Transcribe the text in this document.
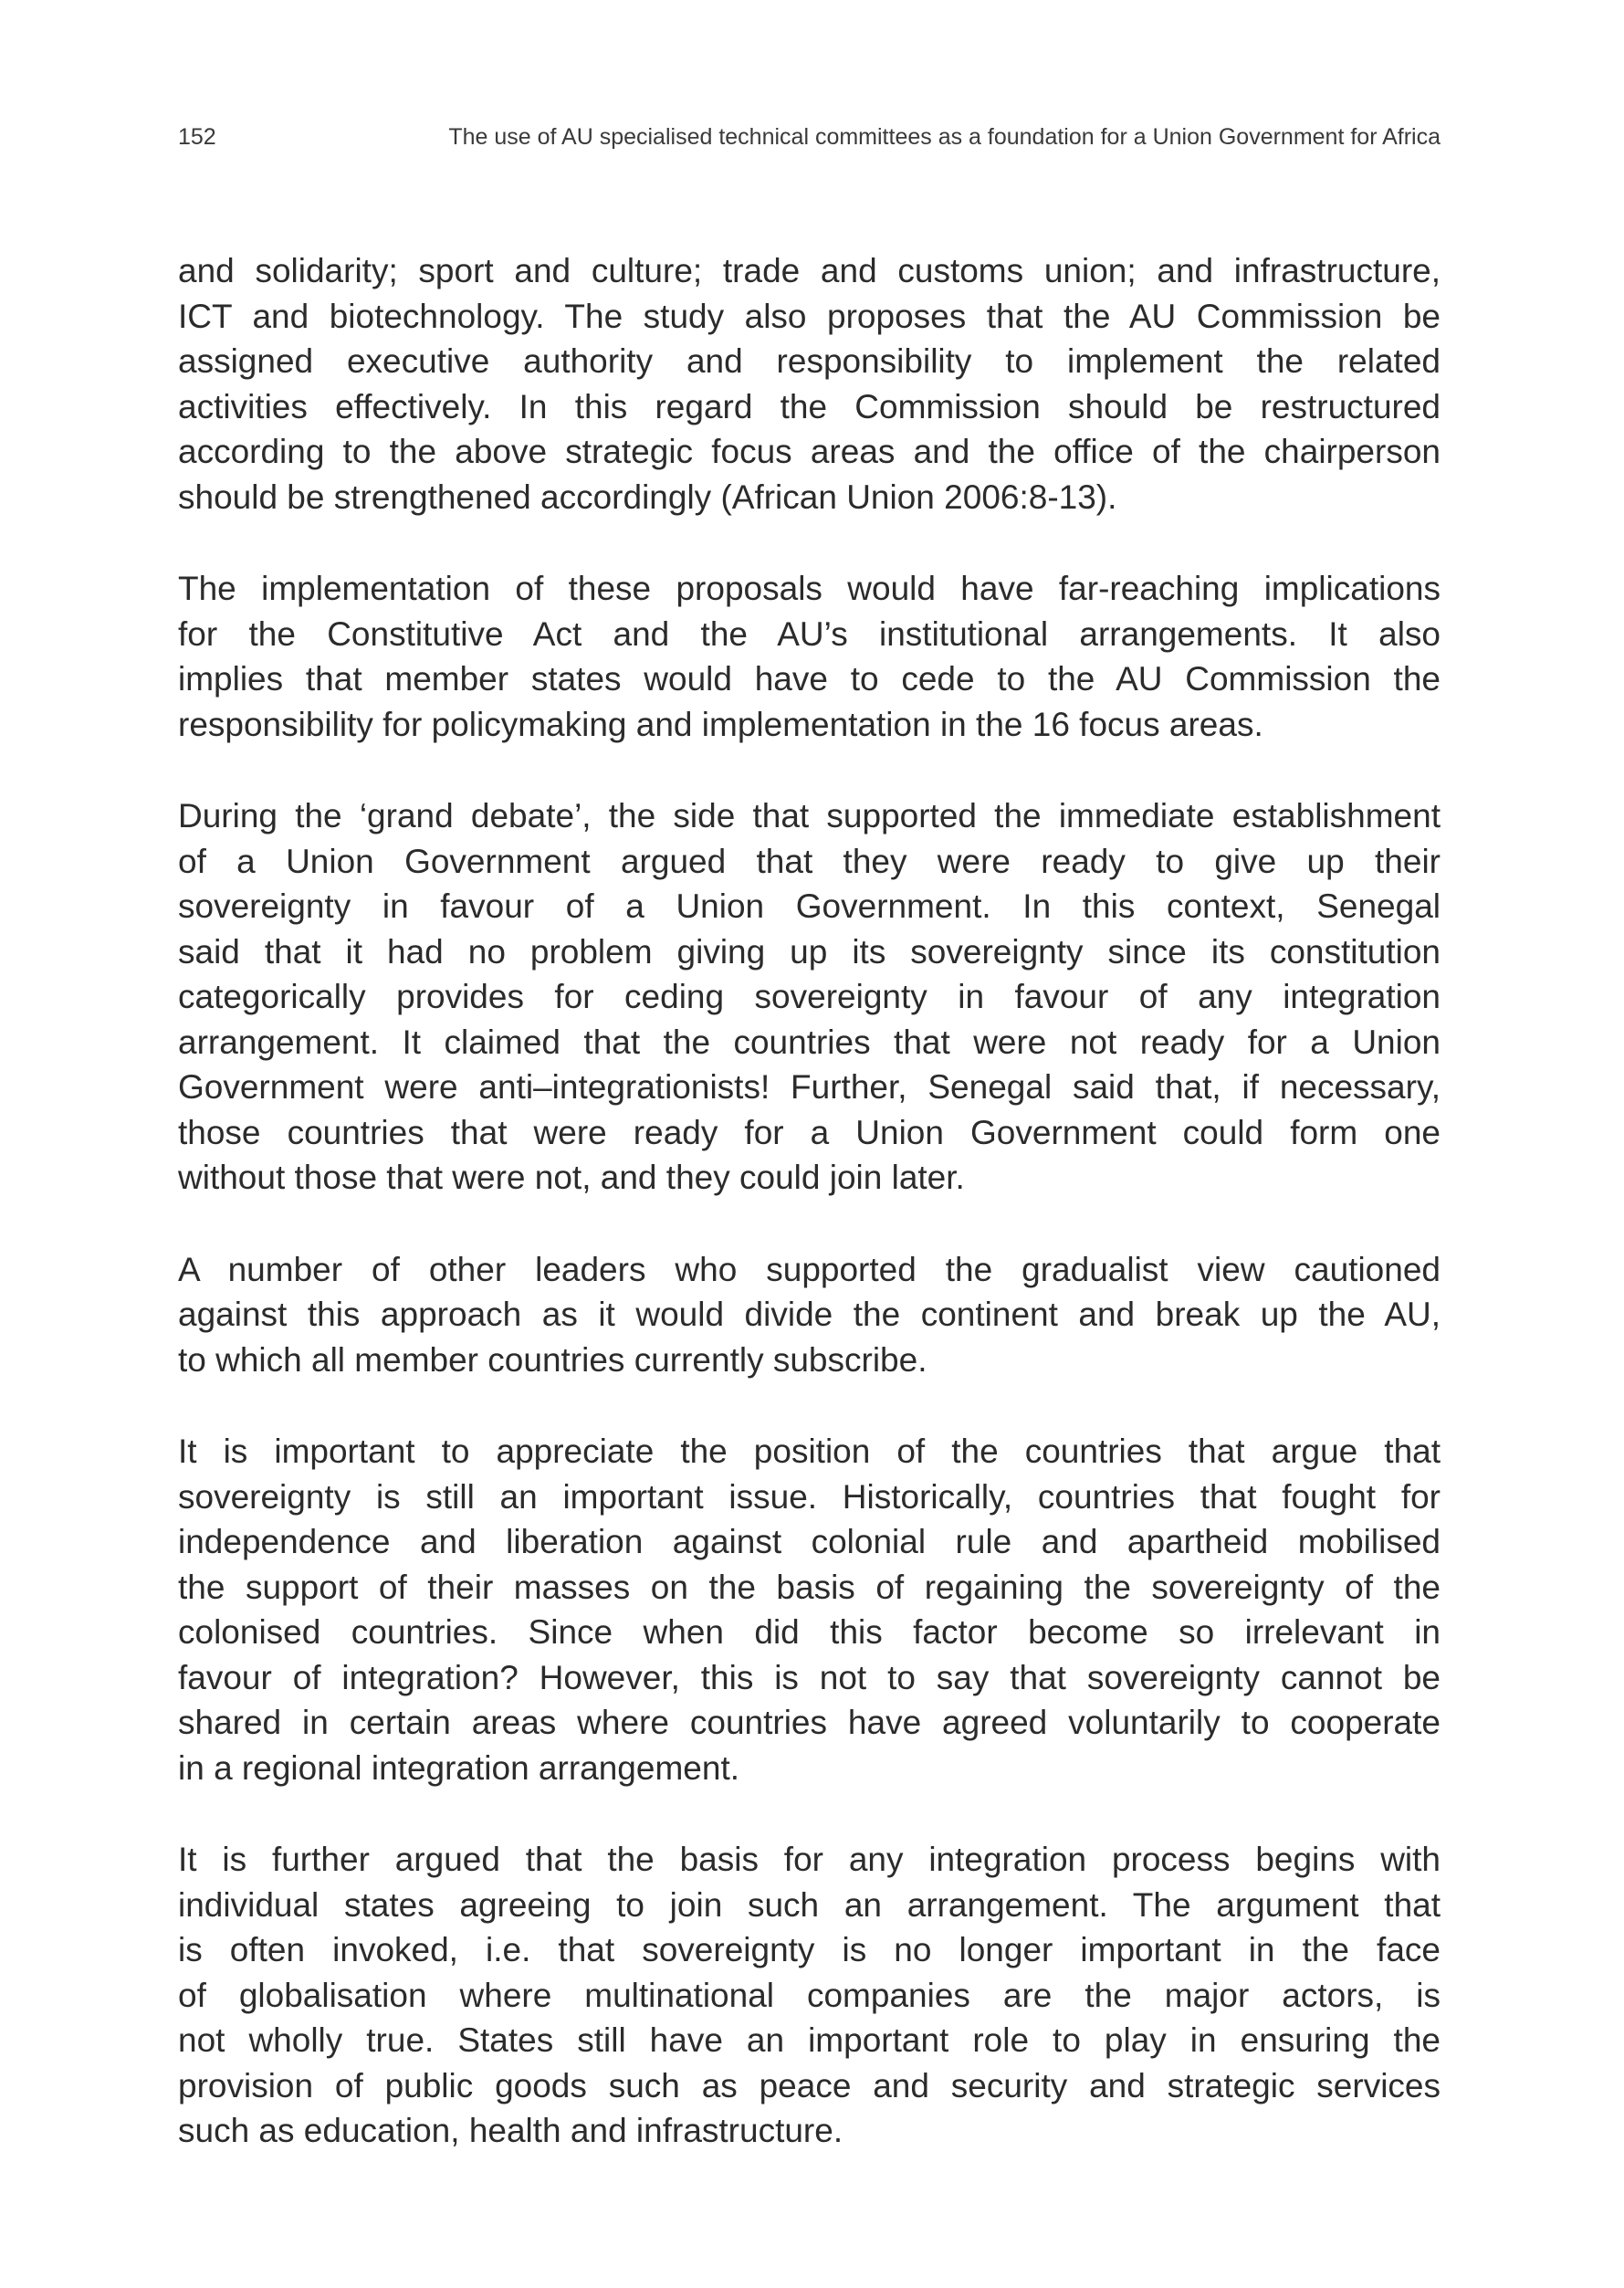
152	The use of AU specialised technical committees as a foundation for a Union Government for Africa
and solidarity; sport and culture; trade and customs union; and infrastructure,
ICT and biotechnology. The study also proposes that the AU Commission be
assigned executive authority and responsibility to implement the related
activities effectively. In this regard the Commission should be restructured
according to the above strategic focus areas and the office of the chairperson
should be strengthened accordingly (African Union 2006:8-13).
The implementation of these proposals would have far-reaching implications
for the Constitutive Act and the AU’s institutional arrangements. It also
implies that member states would have to cede to the AU Commission the
responsibility for policymaking and implementation in the 16 focus areas.
During the ‘grand debate’, the side that supported the immediate establishment
of a Union Government argued that they were ready to give up their
sovereignty in favour of a Union Government. In this context, Senegal
said that it had no problem giving up its sovereignty since its constitution
categorically provides for ceding sovereignty in favour of any integration
arrangement. It claimed that the countries that were not ready for a Union
Government were anti–integrationists! Further, Senegal said that, if necessary,
those countries that were ready for a Union Government could form one
without those that were not, and they could join later.
A number of other leaders who supported the gradualist view cautioned
against this approach as it would divide the continent and break up the AU,
to which all member countries currently subscribe.
It is important to appreciate the position of the countries that argue that
sovereignty is still an important issue. Historically, countries that fought for
independence and liberation against colonial rule and apartheid mobilised
the support of their masses on the basis of regaining the sovereignty of the
colonised countries. Since when did this factor become so irrelevant in
favour of integration? However, this is not to say that sovereignty cannot be
shared in certain areas where countries have agreed voluntarily to cooperate
in a regional integration arrangement.
It is further argued that the basis for any integration process begins with
individual states agreeing to join such an arrangement. The argument that
is often invoked, i.e. that sovereignty is no longer important in the face
of globalisation where multinational companies are the major actors, is
not wholly true. States still have an important role to play in ensuring the
provision of public goods such as peace and security and strategic services
such as education, health and infrastructure.
